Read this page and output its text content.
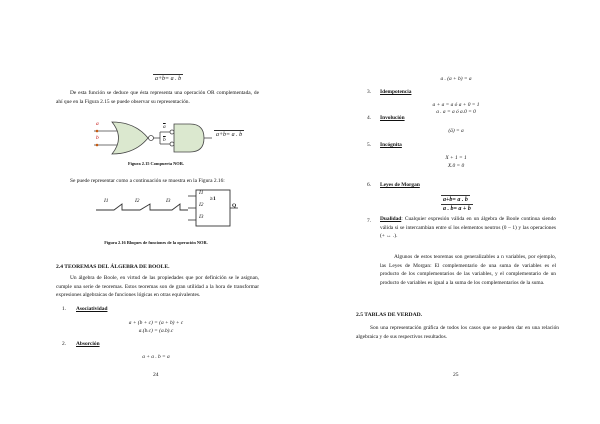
a+b= a . b
De esta función se deduce que ésta representa una operación OR complementada, de ahí que en la Figura 2.15 se puede observar su representación.
a
b
$\overline{a}$
$\overline{b}$
a+b= a . b
Figura 2.15 Compuerta NOR.
Se puede representar como a continuación se muestra en la Figura 2.16:
I1	I2	I3
I1
I2
I3
≥1
Q
Figura 2.16 Bloques de funciones de la operación NOR.
2.4 TEOREMAS DEL ÁLGEBRA DE BOOLE.
Un álgebra de Boole, en virtud de las propiedades que por definición se le asignan, cumple una serie de teoremas. Estos teoremas son de gran utilidad a la hora de transformar expresiones algebraicas de funciones lógicas en otras equivalentes.
1. Asociatividad
a + (b + c) = (a + b) + c
a.(b.c) = (a.b).c
2. Absorción
a + a . b = a
24
a . (a + b) = a
3. Idempotencia
a + a = a ó a + 0 = 1
a . a = a ó a.0 = 0
4. Involución
(ā) = a
5. Incógnita
X + 1 = 1
X.0 = 0
6. Leyes de Morgan
a+b= a . b
a . b= a + b
7. Dualidad: Cualquier expresión válida en un álgebra de Boole continua siendo válida si se intercambian entre sí los elementos neutros (0 – 1) y las operaciones (+ ↔ .).
Algunos de estos teoremas son generalizables a n variables, por ejemplo, las Leyes de Morgan: El complementario de una suma de variables es el producto de los complementarios de las variables, y el complementario de un producto de variables es igual a la suma de los complementarios de la suma.
2.5 TABLAS DE VERDAD.
Son una representación gráfica de todos los casos que se pueden dar en una relación algebraica y de sus respectivos resultados.
25
